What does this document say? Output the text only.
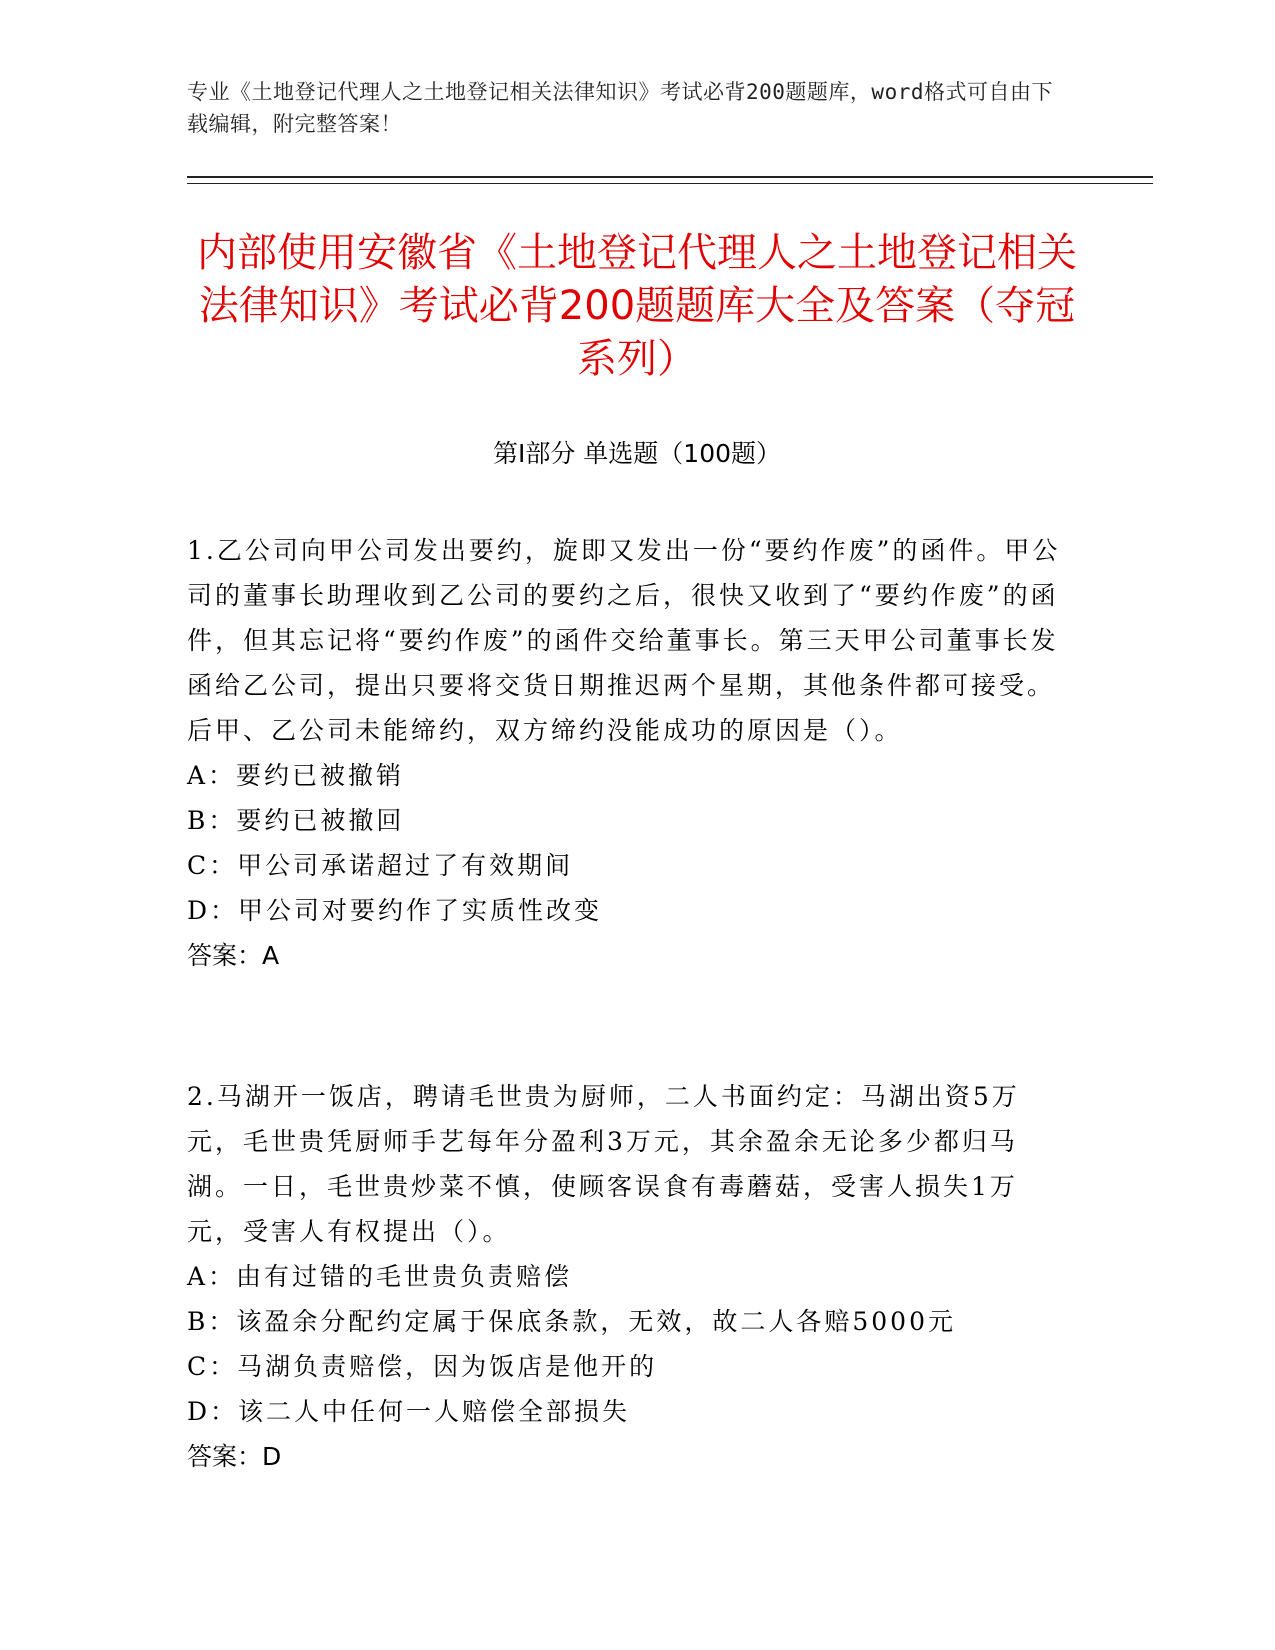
专业《土地登记代理人之土地登记相关法律知识》考试必背200题题库，word格式可自由下载编辑，附完整答案！
内部使用安徽省《土地登记代理人之土地登记相关法律知识》考试必背200题题库大全及答案（夺冠系列）
第Ⅰ部分 单选题（100题）

1.乙公司向甲公司发出要约，旋即又发出一份“要约作废”的函件。甲公司的董事长助理收到乙公司的要约之后，很快又收到了“要约作废”的函件，但其忘记将“要约作废”的函件交给董事长。第三天甲公司董事长发函给乙公司，提出只要将交货日期推迟两个星期，其他条件都可接受。后甲、乙公司未能缔约，双方缔约没能成功的原因是（）。

A：要约已被撤销

B：要约已被撤回

C：甲公司承诺超过了有效期间

D：甲公司对要约作了实质性改变

答案：A

2.马湖开一饭店，聘请毛世贵为厨师，二人书面约定：马湖出资5万元，毛世贵凭厨师手艺每年分盈利3万元，其余盈余无论多少都归马湖。一日，毛世贵炒菜不慎，使顾客误食有毒蘑菇，受害人损失1万元，受害人有权提出（）。

A：由有过错的毛世贵负责赔偿

B：该盈余分配约定属于保底条款，无效，故二人各赔5000元

C：马湖负责赔偿，因为饭店是他开的

D：该二人中任何一人赔偿全部损失

答案：D
